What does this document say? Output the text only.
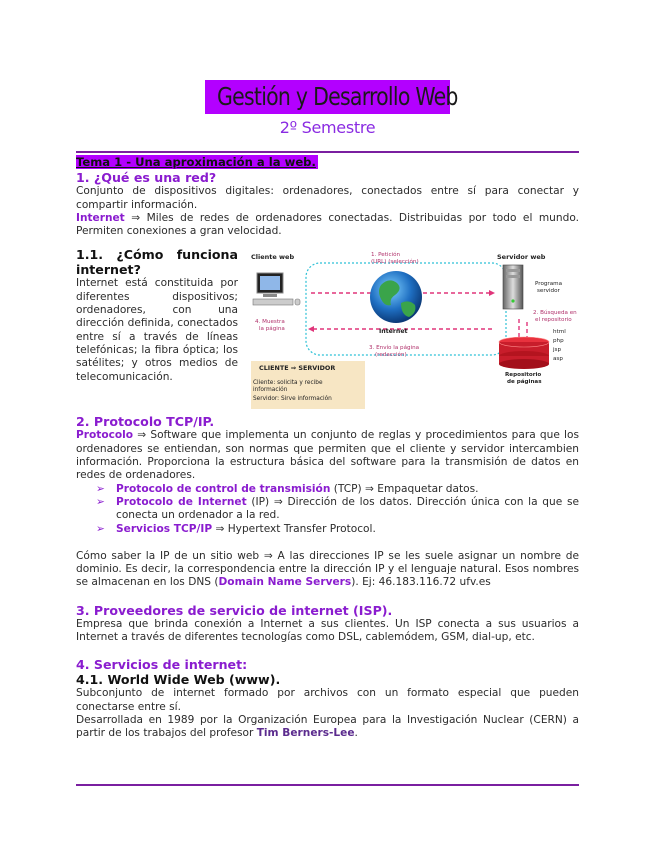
Gestión y Desarrollo Web
2º Semestre
Tema 1 - Una aproximación a la web.
1. ¿Qué es una red?

Conjunto de dispositivos digitales: ordenadores, conectados entre sí para conectar y compartir información.

Internet ⇒ Miles de redes de ordenadores conectadas. Distribuidas por todo el mundo. Permiten conexiones a gran velocidad.

1.1. ¿Cómo funciona
internet?

Internet está constituida por diferentes dispositivos; ordenadores, con una dirección definida, conectados entre sí a través de líneas telefónicas; la fibra óptica; los satélites; y otros medios de telecomunicación.

Cliente web	Servidor web
1. Petición
(URL) (selección)
Internet
4. Muestra
la página
Programa
servidor
2. Búsqueda en
el repositorio
html
php
jsp
asp
Repositorio
de páginas
3. Envío la página
(redacción)
CLIENTE ⇒ SERVIDOR
Cliente: solicita y recibe
información
Servidor: Sirve información
2. Protocolo TCP/IP.

Protocolo ⇒ Software que implementa un conjunto de reglas y procedimientos para que los ordenadores se entiendan, son normas que permiten que el cliente y servidor intercambien información. Proporciona la estructura básica del software para la transmisión de datos en redes de ordenadores.

➢ Protocolo de control de transmisión (TCP) ⇒ Empaquetar datos.
➢ Protocolo de Internet (IP) ⇒ Dirección de los datos. Dirección única con la que se conecta un ordenador a la red.
➢ Servicios TCP/IP ⇒ Hypertext Transfer Protocol.

Cómo saber la IP de un sitio web ⇒ A las direcciones IP se les suele asignar un nombre de dominio. Es decir, la correspondencia entre la dirección IP y el lenguaje natural. Esos nombres se almacenan en los DNS (Domain Name Servers). Ej: 46.183.116.72 ufv.es

3. Proveedores de servicio de internet (ISP).

Empresa que brinda conexión a Internet a sus clientes. Un ISP conecta a sus usuarios a Internet a través de diferentes tecnologías como DSL, cablemódem, GSM, dial-up, etc.

4. Servicios de internet:
4.1. World Wide Web (www).

Subconjunto de internet formado por archivos con un formato especial que pueden conectarse entre sí.

Desarrollada en 1989 por la Organización Europea para la Investigación Nuclear (CERN) a partir de los trabajos del profesor Tim Berners-Lee.
